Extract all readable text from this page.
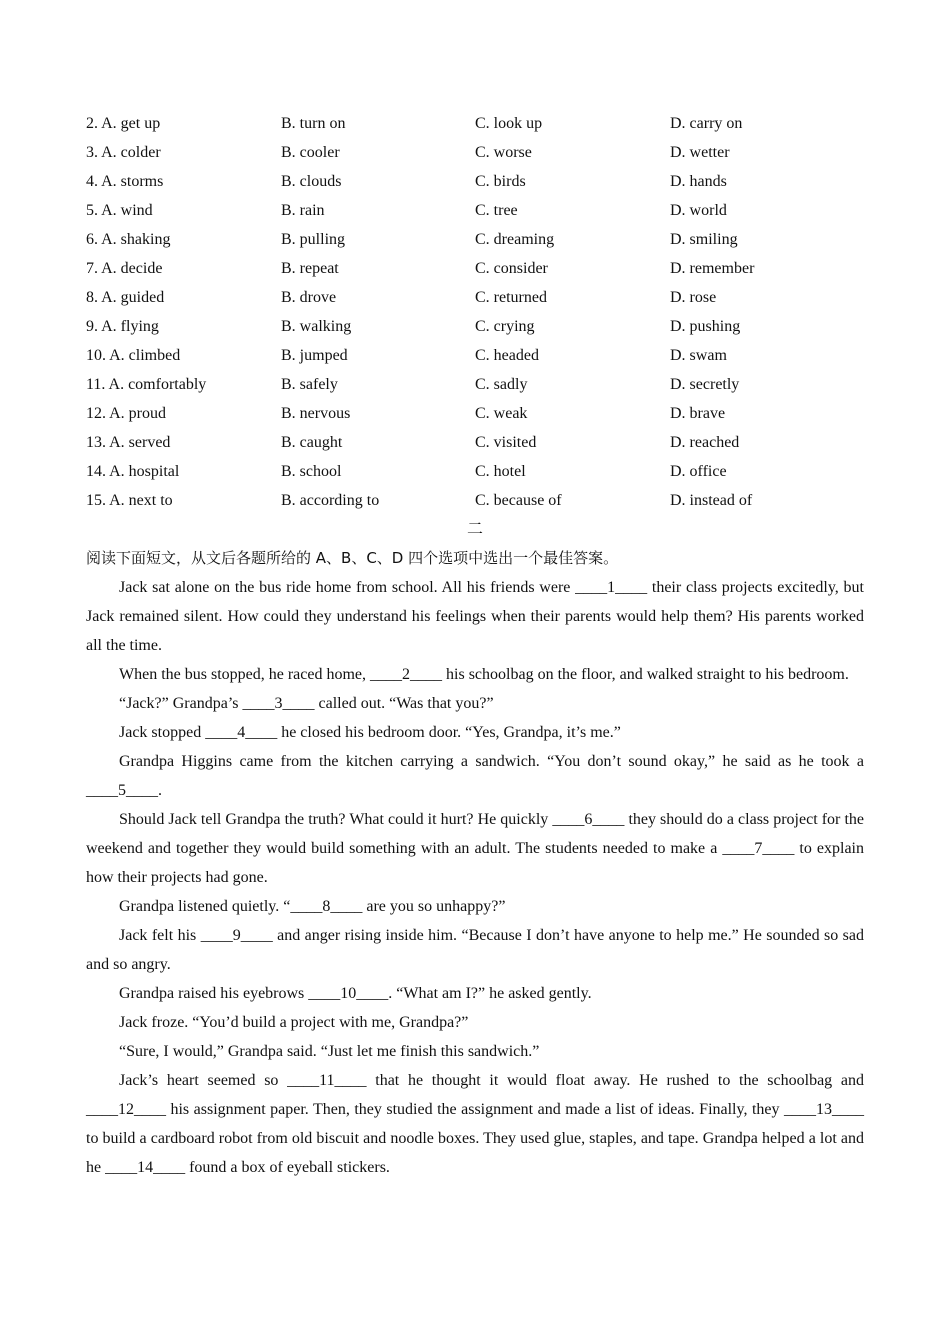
2. A. get up	B. turn on	C. look up	D. carry on
3. A. colder	B. cooler	C. worse	D. wetter
4. A. storms	B. clouds	C. birds	D. hands
5. A. wind	B. rain	C. tree	D. world
6. A. shaking	B. pulling	C. dreaming	D. smiling
7. A. decide	B. repeat	C. consider	D. remember
8. A. guided	B. drove	C. returned	D. rose
9. A. flying	B. walking	C. crying	D. pushing
10. A. climbed	B. jumped	C. headed	D. swam
11. A. comfortably	B. safely	C. sadly	D. secretly
12. A. proud	B. nervous	C. weak	D. brave
13. A. served	B. caught	C. visited	D. reached
14. A. hospital	B. school	C. hotel	D. office
15. A. next to	B. according to	C. because of	D. instead of
二
阅读下面短文，从文后各题所给的 A、B、C、D 四个选项中选出一个最佳答案。

Jack sat alone on the bus ride home from school. All his friends were ____1____ their class projects excitedly, but Jack remained silent. How could they understand his feelings when their parents would help them? His parents worked all the time.

When the bus stopped, he raced home, ____2____ his schoolbag on the floor, and walked straight to his bedroom.

“Jack?” Grandpa’s ____3____ called out. “Was that you?”

Jack stopped ____4____ he closed his bedroom door. “Yes, Grandpa, it’s me.”

Grandpa Higgins came from the kitchen carrying a sandwich. “You don’t sound okay,” he said as he took a ____5____.

Should Jack tell Grandpa the truth? What could it hurt? He quickly ____6____ they should do a class project for the weekend and together they would build something with an adult. The students needed to make a ____7____ to explain how their projects had gone.

Grandpa listened quietly. “____8____ are you so unhappy?”

Jack felt his ____9____ and anger rising inside him. “Because I don’t have anyone to help me.” He sounded so sad and so angry.

Grandpa raised his eyebrows ____10____. “What am I?” he asked gently.

Jack froze. “You’d build a project with me, Grandpa?”

“Sure, I would,” Grandpa said. “Just let me finish this sandwich.”

Jack’s heart seemed so ____11____ that he thought it would float away. He rushed to the schoolbag and ____12____ his assignment paper. Then, they studied the assignment and made a list of ideas. Finally, they ____13____ to build a cardboard robot from old biscuit and noodle boxes. They used glue, staples, and tape. Grandpa helped a lot and he ____14____ found a box of eyeball stickers.
